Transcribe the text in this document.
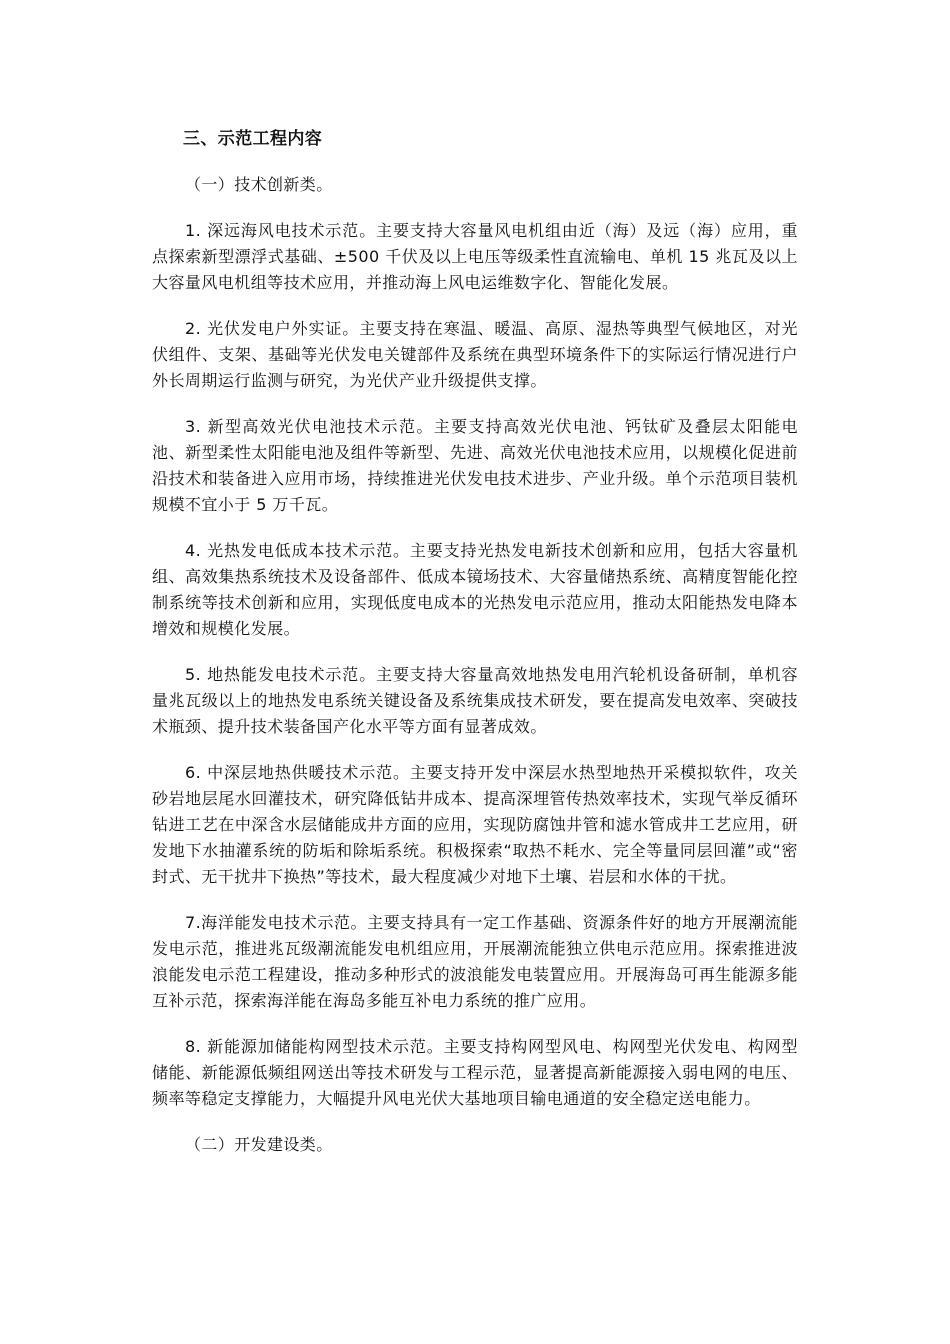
三、示范工程内容

（一）技术创新类。

1. 深远海风电技术示范。主要支持大容量风电机组由近（海）及远（海）应用，重点探索新型漂浮式基础、±500 千伏及以上电压等级柔性直流输电、单机 15 兆瓦及以上大容量风电机组等技术应用，并推动海上风电运维数字化、智能化发展。

2. 光伏发电户外实证。主要支持在寒温、暖温、高原、湿热等典型气候地区，对光伏组件、支架、基础等光伏发电关键部件及系统在典型环境条件下的实际运行情况进行户外长周期运行监测与研究，为光伏产业升级提供支撑。

3. 新型高效光伏电池技术示范。主要支持高效光伏电池、钙钛矿及叠层太阳能电池、新型柔性太阳能电池及组件等新型、先进、高效光伏电池技术应用，以规模化促进前沿技术和装备进入应用市场，持续推进光伏发电技术进步、产业升级。单个示范项目装机规模不宜小于 5 万千瓦。

4. 光热发电低成本技术示范。主要支持光热发电新技术创新和应用，包括大容量机组、高效集热系统技术及设备部件、低成本镜场技术、大容量储热系统、高精度智能化控制系统等技术创新和应用，实现低度电成本的光热发电示范应用，推动太阳能热发电降本增效和规模化发展。

5. 地热能发电技术示范。主要支持大容量高效地热发电用汽轮机设备研制，单机容量兆瓦级以上的地热发电系统关键设备及系统集成技术研发，要在提高发电效率、突破技术瓶颈、提升技术装备国产化水平等方面有显著成效。

6. 中深层地热供暖技术示范。主要支持开发中深层水热型地热开采模拟软件，攻关砂岩地层尾水回灌技术，研究降低钻井成本、提高深埋管传热效率技术，实现气举反循环钻进工艺在中深含水层储能成井方面的应用，实现防腐蚀井管和滤水管成井工艺应用，研发地下水抽灌系统的防垢和除垢系统。积极探索“取热不耗水、完全等量同层回灌”或“密封式、无干扰井下换热”等技术，最大程度减少对地下土壤、岩层和水体的干扰。

7.海洋能发电技术示范。主要支持具有一定工作基础、资源条件好的地方开展潮流能发电示范，推进兆瓦级潮流能发电机组应用，开展潮流能独立供电示范应用。探索推进波浪能发电示范工程建设，推动多种形式的波浪能发电装置应用。开展海岛可再生能源多能互补示范，探索海洋能在海岛多能互补电力系统的推广应用。

8. 新能源加储能构网型技术示范。主要支持构网型风电、构网型光伏发电、构网型储能、新能源低频组网送出等技术研发与工程示范，显著提高新能源接入弱电网的电压、频率等稳定支撑能力，大幅提升风电光伏大基地项目输电通道的安全稳定送电能力。

（二）开发建设类。
